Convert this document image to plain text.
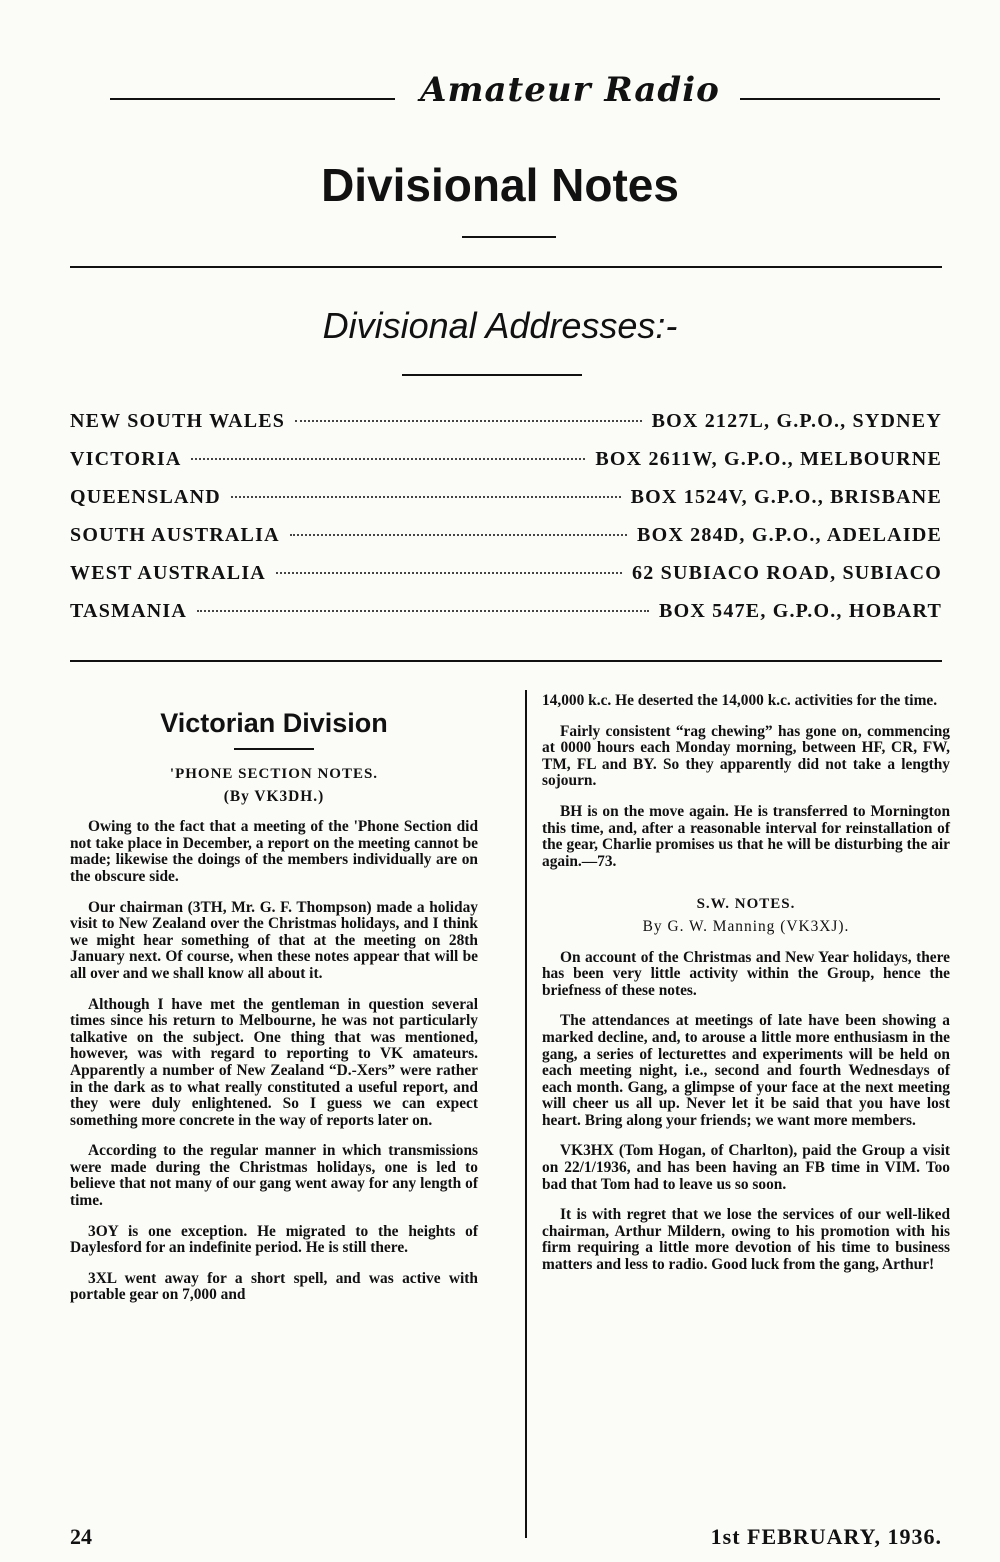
Amateur Radio
Divisional Notes
Divisional Addresses:-
NEW SOUTH WALES	BOX 2127L, G.P.O., SYDNEY
VICTORIA	BOX 2611W, G.P.O., MELBOURNE
QUEENSLAND	BOX 1524V, G.P.O., BRISBANE
SOUTH AUSTRALIA	BOX 284D, G.P.O., ADELAIDE
WEST AUSTRALIA	62 SUBIACO ROAD, SUBIACO
TASMANIA	BOX 547E, G.P.O., HOBART
Victorian Division
'PHONE SECTION NOTES.
(By VK3DH.)

Owing to the fact that a meeting of the 'Phone Section did not take place in December, a report on the meeting cannot be made; likewise the doings of the members individually are on the obscure side.

Our chairman (3TH, Mr. G. F. Thompson) made a holiday visit to New Zealand over the Christmas holidays, and I think we might hear something of that at the meeting on 28th January next. Of course, when these notes appear that will be all over and we shall know all about it.

Although I have met the gentleman in question several times since his return to Melbourne, he was not particularly talkative on the subject. One thing that was mentioned, however, was with regard to reporting to VK amateurs. Apparently a number of New Zealand “D.-Xers” were rather in the dark as to what really constituted a useful report, and they were duly enlightened. So I guess we can expect something more concrete in the way of reports later on.

According to the regular manner in which transmissions were made during the Christmas holidays, one is led to believe that not many of our gang went away for any length of time.

3OY is one exception. He migrated to the heights of Daylesford for an indefinite period. He is still there.

3XL went away for a short spell, and was active with portable gear on 7,000 and

14,000 k.c. He deserted the 14,000 k.c. activities for the time.

Fairly consistent “rag chewing” has gone on, commencing at 0000 hours each Monday morning, between HF, CR, FW, TM, FL and BY. So they apparently did not take a lengthy sojourn.

BH is on the move again. He is transferred to Mornington this time, and, after a reasonable interval for reinstallation of the gear, Charlie promises us that he will be disturbing the air again.—73.

S.W. NOTES.
By G. W. Manning (VK3XJ).

On account of the Christmas and New Year holidays, there has been very little activity within the Group, hence the briefness of these notes.

The attendances at meetings of late have been showing a marked decline, and, to arouse a little more enthusiasm in the gang, a series of lecturettes and experiments will be held on each meeting night, i.e., second and fourth Wednesdays of each month. Gang, a glimpse of your face at the next meeting will cheer us all up. Never let it be said that you have lost heart. Bring along your friends; we want more members.

VK3HX (Tom Hogan, of Charlton), paid the Group a visit on 22/1/1936, and has been having an FB time in VIM. Too bad that Tom had to leave us so soon.

It is with regret that we lose the services of our well-liked chairman, Arthur Mildern, owing to his promotion with his firm requiring a little more devotion of his time to business matters and less to radio. Good luck from the gang, Arthur!

24	1st FEBRUARY, 1936.
